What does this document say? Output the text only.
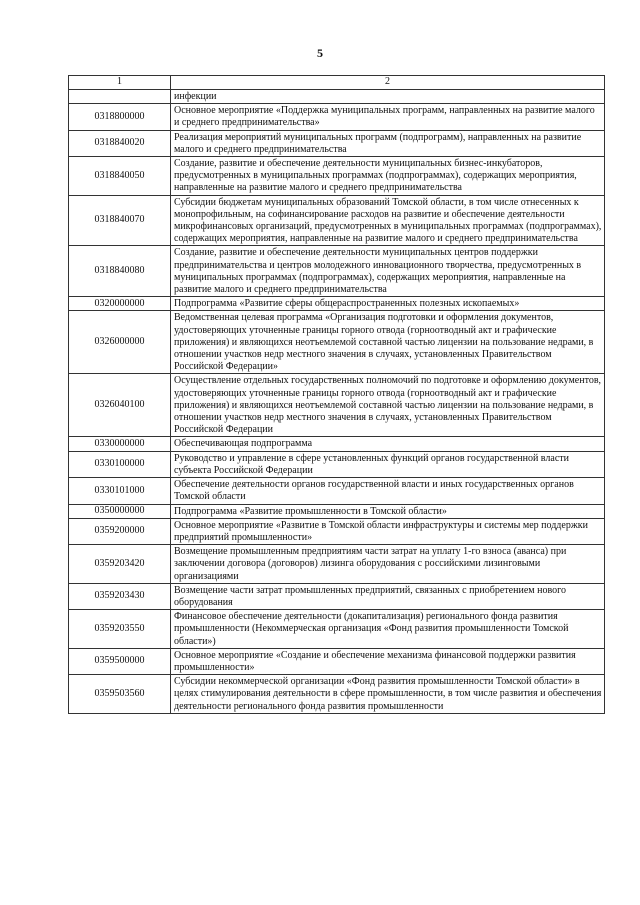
5
1	2
	инфекции
0318800000	Основное мероприятие «Поддержка муниципальных программ, направленных на развитие малого и среднего предпринимательства»
0318840020	Реализация мероприятий муниципальных программ (подпрограмм), направленных на развитие малого и среднего предпринимательства
0318840050	Создание, развитие и обеспечение деятельности муниципальных бизнес-инкубаторов, предусмотренных в муниципальных программах (подпрограммах), содержащих мероприятия, направленные на развитие малого и среднего предпринимательства
0318840070	Субсидии бюджетам муниципальных образований Томской области, в том числе отнесенных к монопрофильным, на софинансирование расходов на развитие и обеспечение деятельности микрофинансовых организаций, предусмотренных в муниципальных программах (подпрограммах), содержащих мероприятия, направленные на развитие малого и среднего предпринимательства
0318840080	Создание, развитие и обеспечение деятельности муниципальных центров поддержки предпринимательства и центров молодежного инновационного творчества, предусмотренных в муниципальных программах (подпрограммах), содержащих мероприятия, направленные на развитие малого и среднего предпринимательства
0320000000	Подпрограмма «Развитие сферы общераспространенных полезных ископаемых»
0326000000	Ведомственная целевая программа «Организация подготовки и оформления документов, удостоверяющих уточненные границы горного отвода (горноотводный акт и графические приложения) и являющихся неотъемлемой составной частью лицензии на пользование недрами, в отношении участков недр местного значения в случаях, установленных Правительством Российской Федерации»
0326040100	Осуществление отдельных государственных полномочий по подготовке и оформлению документов, удостоверяющих уточненные границы горного отвода (горноотводный акт и графические приложения) и являющихся неотъемлемой составной частью лицензии на пользование недрами, в отношении участков недр местного значения в случаях, установленных Правительством Российской Федерации
0330000000	Обеспечивающая подпрограмма
0330100000	Руководство и управление в сфере установленных функций органов государственной власти субъекта Российской Федерации
0330101000	Обеспечение деятельности органов государственной власти и иных государственных органов Томской области
0350000000	Подпрограмма «Развитие промышленности в Томской области»
0359200000	Основное мероприятие «Развитие в Томской области инфраструктуры и системы мер поддержки предприятий промышленности»
0359203420	Возмещение промышленным предприятиям части затрат на уплату 1-го взноса (аванса) при заключении договора (договоров) лизинга оборудования с российскими лизинговыми организациями
0359203430	Возмещение части затрат промышленных предприятий, связанных с приобретением нового оборудования
0359203550	Финансовое обеспечение деятельности (докапитализация) регионального фонда развития промышленности (Некоммерческая организация «Фонд развития промышленности Томской области»)
0359500000	Основное мероприятие «Создание и обеспечение механизма финансовой поддержки развития промышленности»
0359503560	Субсидии некоммерческой организации «Фонд развития промышленности Томской области» в целях стимулирования деятельности в сфере промышленности, в том числе развития и обеспечения деятельности регионального фонда развития промышленности
